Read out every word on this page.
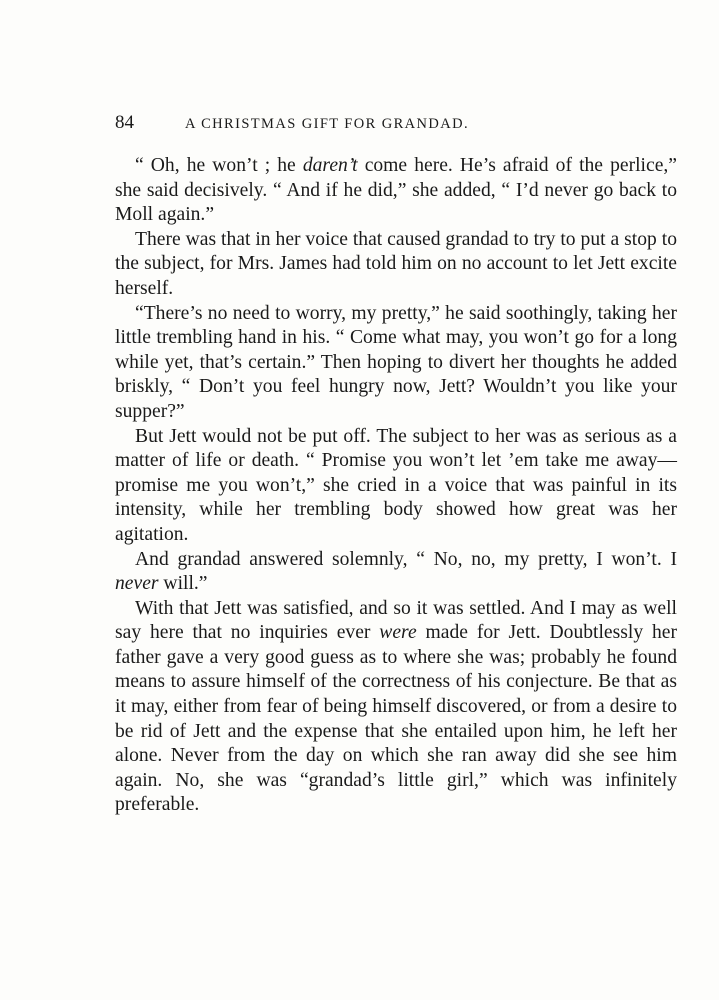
84	A CHRISTMAS GIFT FOR GRANDAD.

“ Oh, he won’t ; he daren’t come here. He’s afraid of the perlice,” she said decisively. “ And if he did,” she added, “ I’d never go back to Moll again.”

There was that in her voice that caused grandad to try to put a stop to the subject, for Mrs. James had told him on no account to let Jett excite herself.

“There’s no need to worry, my pretty,” he said soothingly, taking her little trembling hand in his. “ Come what may, you won’t go for a long while yet, that’s certain.” Then hoping to divert her thoughts he added briskly, “ Don’t you feel hungry now, Jett? Wouldn’t you like your supper?”

But Jett would not be put off. The subject to her was as serious as a matter of life or death. “ Promise you won’t let ’em take me away—promise me you won’t,” she cried in a voice that was painful in its intensity, while her trembling body showed how great was her agitation.

And grandad answered solemnly, “ No, no, my pretty, I won’t. I never will.”

With that Jett was satisfied, and so it was settled. And I may as well say here that no inquiries ever were made for Jett. Doubtlessly her father gave a very good guess as to where she was; probably he found means to assure himself of the correctness of his conjecture. Be that as it may, either from fear of being himself discovered, or from a desire to be rid of Jett and the expense that she entailed upon him, he left her alone. Never from the day on which she ran away did she see him again. No, she was “grandad’s little girl,” which was infinitely preferable.
